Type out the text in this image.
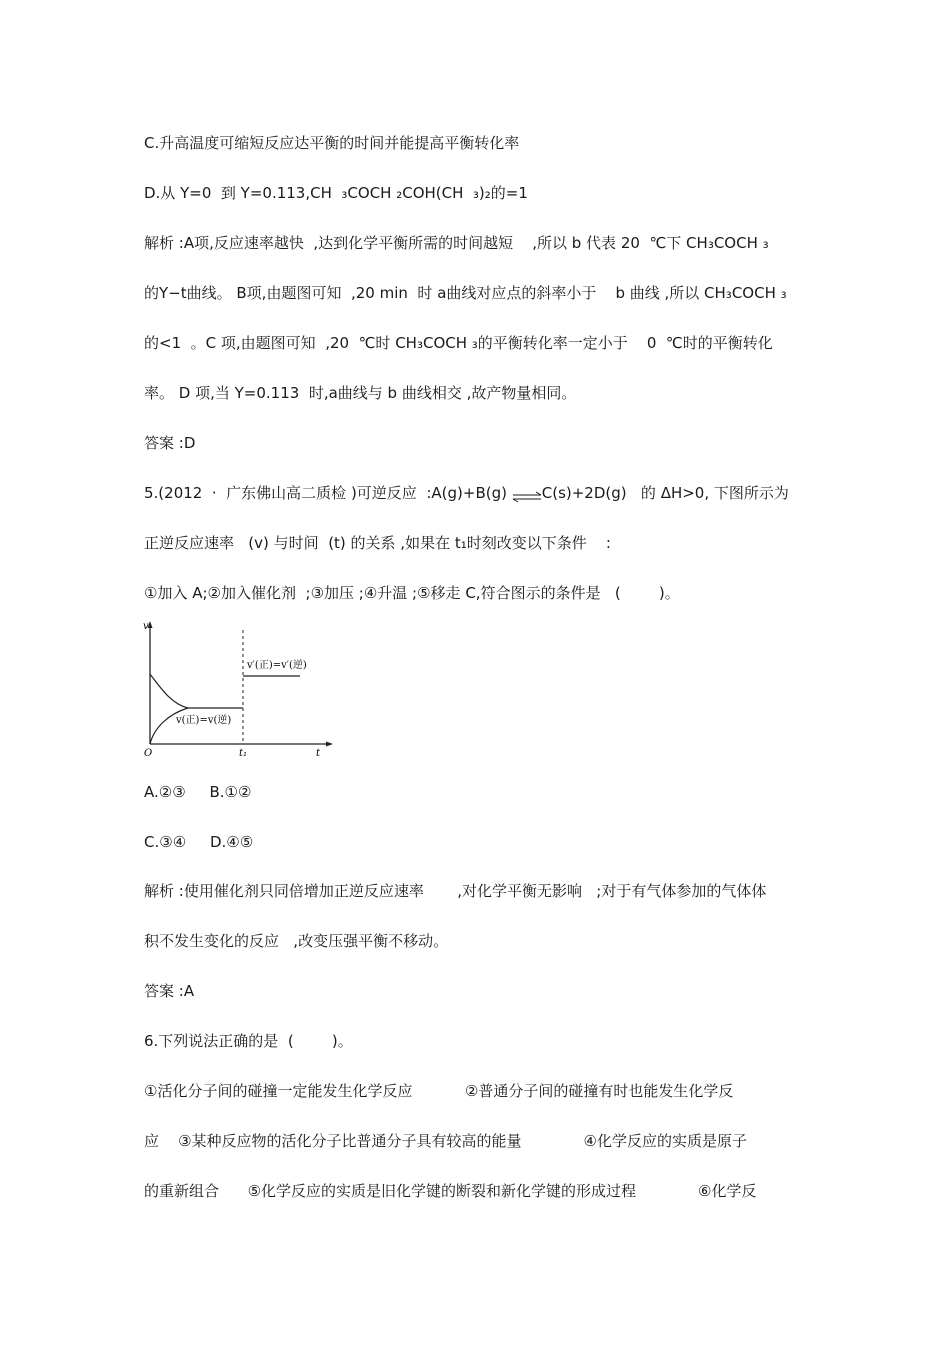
C.升高温度可缩短反应达平衡的时间并能提高平衡转化率
D.从 Y=0  到 Y=0.113,CH  ₃COCH ₂COH(CH  ₃)₂的=1
解析 :A项,反应速率越快  ,达到化学平衡所需的时间越短    ,所以 b 代表 20  ℃下 CH₃COCH ₃
的Y−t曲线。 B项,由题图可知  ,20 min  时 a曲线对应点的斜率小于    b 曲线 ,所以 CH₃COCH ₃
的<1  。C 项,由题图可知  ,20  ℃时 CH₃COCH ₃的平衡转化率一定小于    0  ℃时的平衡转化
率。 D 项,当 Y=0.113  时,a曲线与 b 曲线相交 ,故产物量相同。
答案 :D
5.(2012  ·  广东佛山高二质检 )可逆反应  :A(g)+B(g) ⇌C(s)+2D(g)   的 ΔH>0, 下图所示为
正逆反应速率   (v) 与时间  (t) 的关系 ,如果在 t₁时刻改变以下条件    :
①加入 A;②加入催化剂  ;③加压 ;④升温 ;⑤移走 C,符合图示的条件是   (        )。
v
t
O	t₁
v(正)=v(逆)
v′(正)=v′(逆)
A.②③     B.①②
C.③④     D.④⑤
解析 :使用催化剂只同倍增加正逆反应速率       ,对化学平衡无影响   ;对于有气体参加的气体体
积不发生变化的反应   ,改变压强平衡不移动。
答案 :A
6.下列说法正确的是  (        )。
①活化分子间的碰撞一定能发生化学反应           ②普通分子间的碰撞有时也能发生化学反
应    ③某种反应物的活化分子比普通分子具有较高的能量             ④化学反应的实质是原子
的重新组合      ⑤化学反应的实质是旧化学键的断裂和新化学键的形成过程             ⑥化学反
